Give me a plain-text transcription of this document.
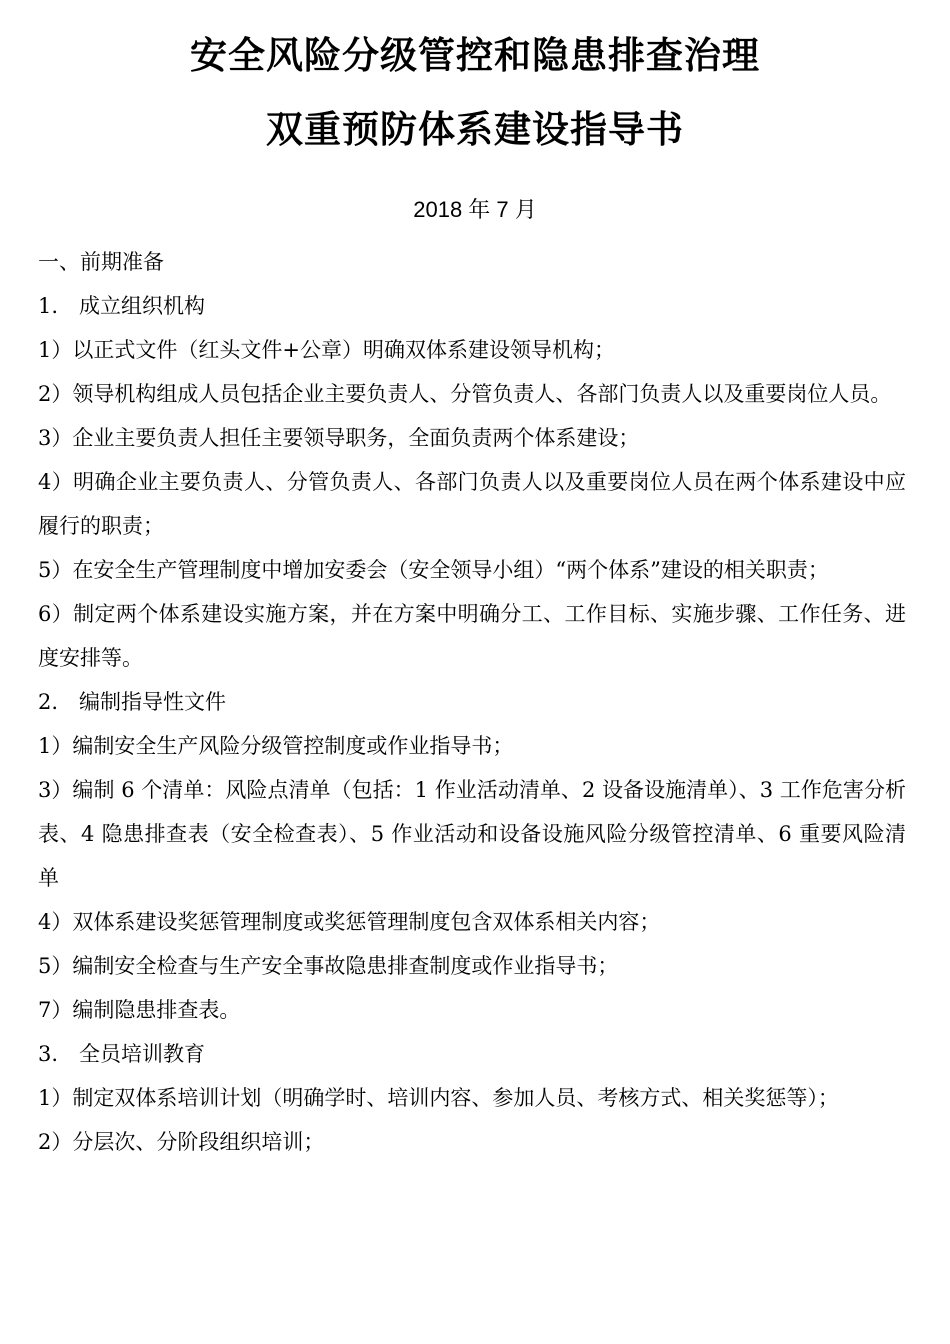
安全风险分级管控和隐患排查治理
双重预防体系建设指导书
2018 年 7 月

一、前期准备

1.　成立组织机构

1）以正式文件（红头文件+公章）明确双体系建设领导机构；

2）领导机构组成人员包括企业主要负责人、分管负责人、各部门负责人以及重要岗位人员。

3）企业主要负责人担任主要领导职务，全面负责两个体系建设；

4）明确企业主要负责人、分管负责人、各部门负责人以及重要岗位人员在两个体系建设中应履行的职责；

5）在安全生产管理制度中增加安委会（安全领导小组）“两个体系”建设的相关职责；

6）制定两个体系建设实施方案，并在方案中明确分工、工作目标、实施步骤、工作任务、进度安排等。

2.　编制指导性文件

1）编制安全生产风险分级管控制度或作业指导书；

3）编制 6 个清单：风险点清单（包括：1 作业活动清单、2 设备设施清单）、3 工作危害分析表、4 隐患排查表（安全检查表）、5 作业活动和设备设施风险分级管控清单、6 重要风险清单

4）双体系建设奖惩管理制度或奖惩管理制度包含双体系相关内容；

5）编制安全检查与生产安全事故隐患排查制度或作业指导书；

7）编制隐患排查表。

3.　全员培训教育

1）制定双体系培训计划（明确学时、培训内容、参加人员、考核方式、相关奖惩等）；

2）分层次、分阶段组织培训；
